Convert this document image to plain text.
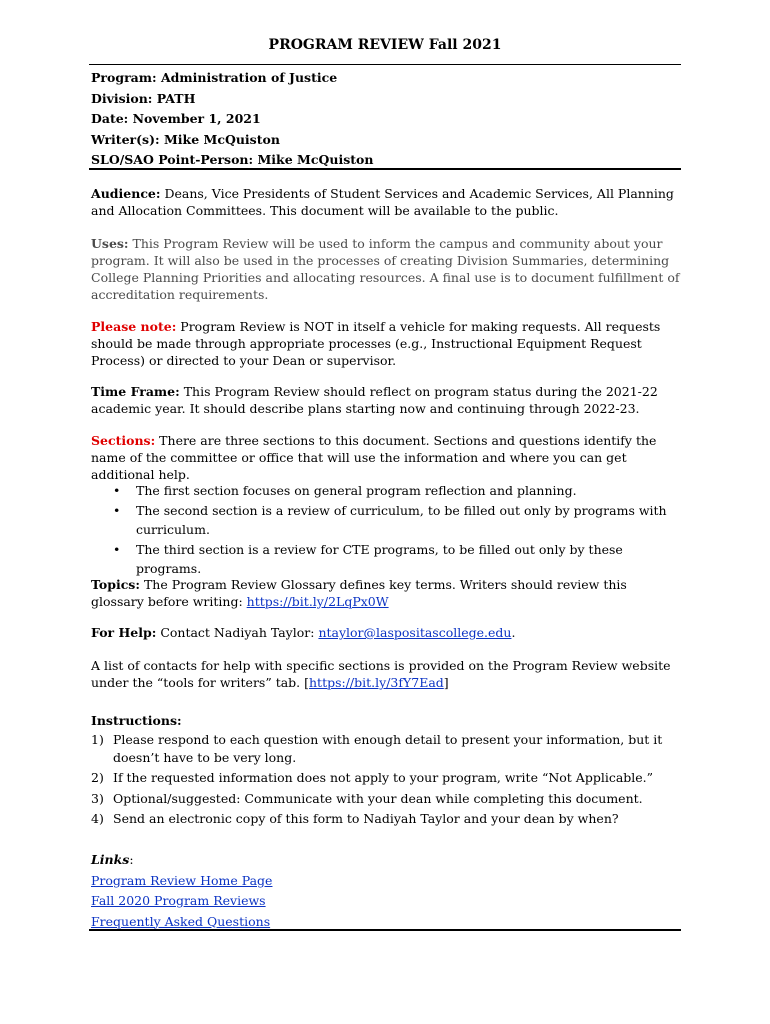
PROGRAM REVIEW Fall 2021
Program: Administration of Justice
Division: PATH
Date: November 1, 2021
Writer(s): Mike McQuiston
SLO/SAO Point-Person: Mike McQuiston
Audience: Deans, Vice Presidents of Student Services and Academic Services, All Planning and Allocation Committees. This document will be available to the public.
Uses: This Program Review will be used to inform the campus and community about your program. It will also be used in the processes of creating Division Summaries, determining College Planning Priorities and allocating resources. A final use is to document fulfillment of accreditation requirements.
Please note: Program Review is NOT in itself a vehicle for making requests. All requests should be made through appropriate processes (e.g., Instructional Equipment Request Process) or directed to your Dean or supervisor.
Time Frame: This Program Review should reflect on program status during the 2021-22 academic year. It should describe plans starting now and continuing through 2022-23.
Sections: There are three sections to this document. Sections and questions identify the name of the committee or office that will use the information and where you can get additional help.
• The first section focuses on general program reflection and planning.
• The second section is a review of curriculum, to be filled out only by programs with curriculum.
• The third section is a review for CTE programs, to be filled out only by these programs.
Topics: The Program Review Glossary defines key terms. Writers should review this glossary before writing: https://bit.ly/2LqPx0W
For Help: Contact Nadiyah Taylor: ntaylor@laspositascollege.edu.
A list of contacts for help with specific sections is provided on the Program Review website under the “tools for writers” tab. [https://bit.ly/3fY7Ead]
Instructions:
1) Please respond to each question with enough detail to present your information, but it doesn’t have to be very long.
2) If the requested information does not apply to your program, write “Not Applicable.”
3) Optional/suggested: Communicate with your dean while completing this document.
4) Send an electronic copy of this form to Nadiyah Taylor and your dean by when?
Links:
Program Review Home Page
Fall 2020 Program Reviews
Frequently Asked Questions
